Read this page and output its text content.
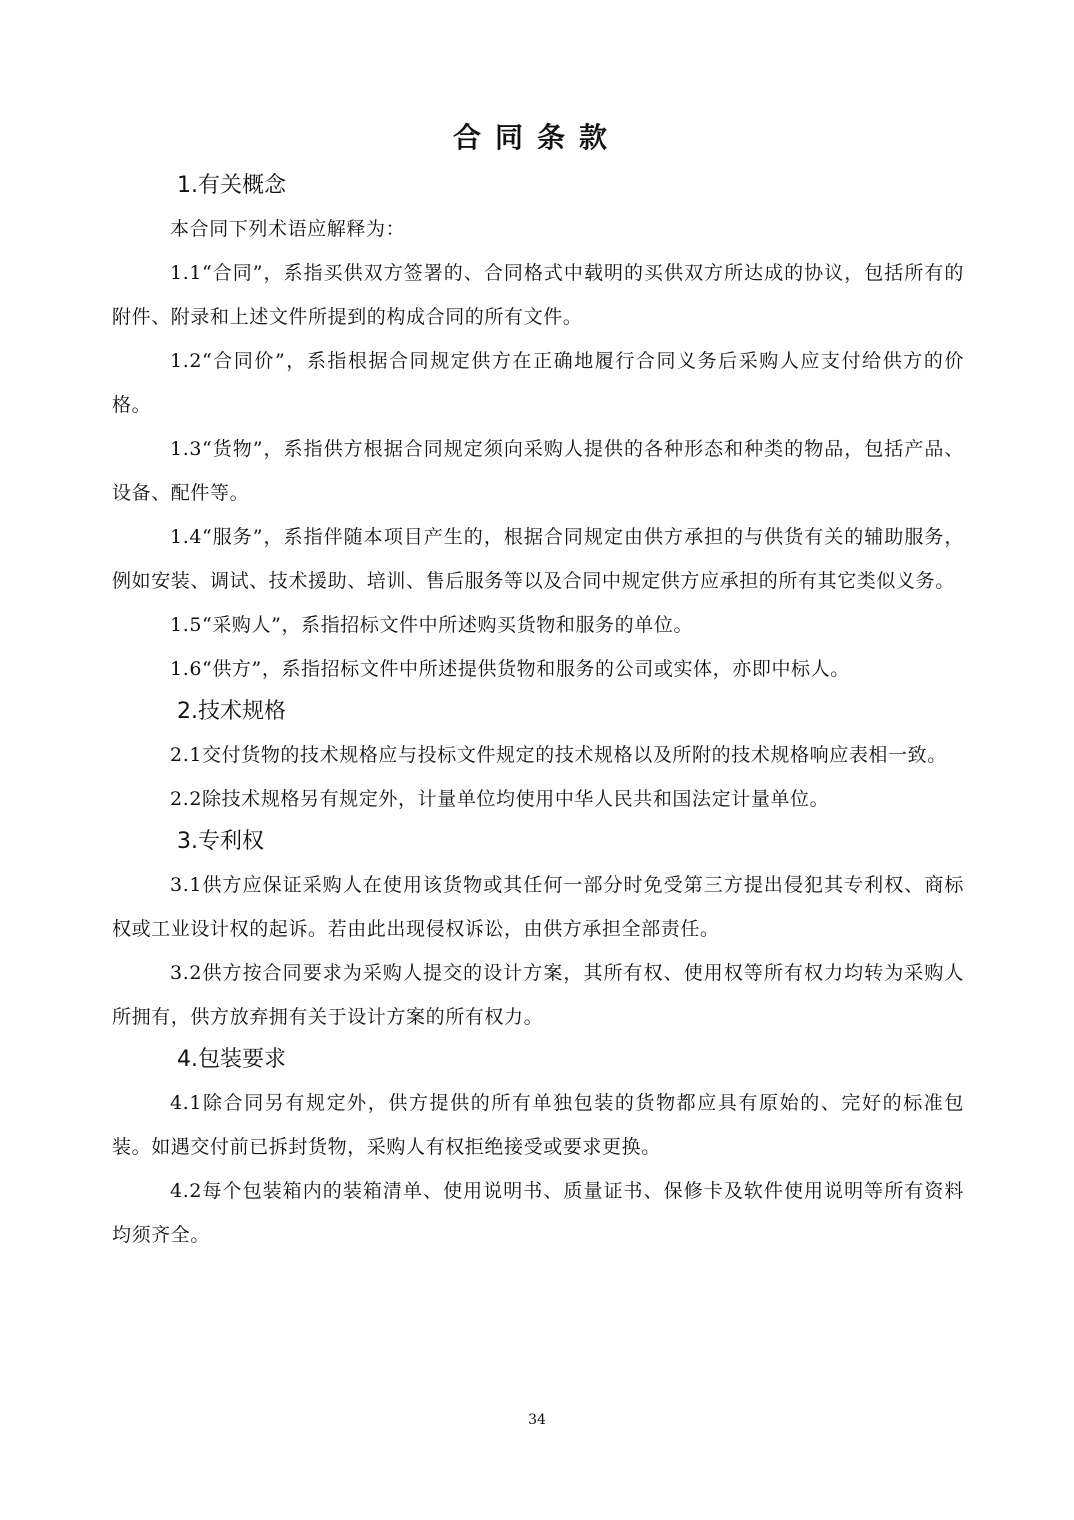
合同条款
1.有关概念

本合同下列术语应解释为：

1.1“合同”，系指买供双方签署的、合同格式中载明的买供双方所达成的协议，包括所有的附件、附录和上述文件所提到的构成合同的所有文件。

1.2“合同价”，系指根据合同规定供方在正确地履行合同义务后采购人应支付给供方的价格。

1.3“货物”，系指供方根据合同规定须向采购人提供的各种形态和种类的物品，包括产品、设备、配件等。

1.4“服务”，系指伴随本项目产生的，根据合同规定由供方承担的与供货有关的辅助服务，例如安装、调试、技术援助、培训、售后服务等以及合同中规定供方应承担的所有其它类似义务。

1.5“采购人”，系指招标文件中所述购买货物和服务的单位。

1.6“供方”，系指招标文件中所述提供货物和服务的公司或实体，亦即中标人。

2.技术规格

2.1交付货物的技术规格应与投标文件规定的技术规格以及所附的技术规格响应表相一致。

2.2除技术规格另有规定外，计量单位均使用中华人民共和国法定计量单位。

3.专利权

3.1供方应保证采购人在使用该货物或其任何一部分时免受第三方提出侵犯其专利权、商标权或工业设计权的起诉。若由此出现侵权诉讼，由供方承担全部责任。

3.2供方按合同要求为采购人提交的设计方案，其所有权、使用权等所有权力均转为采购人所拥有，供方放弃拥有关于设计方案的所有权力。

4.包装要求

4.1除合同另有规定外，供方提供的所有单独包装的货物都应具有原始的、完好的标准包装。如遇交付前已拆封货物，采购人有权拒绝接受或要求更换。

4.2每个包装箱内的装箱清单、使用说明书、质量证书、保修卡及软件使用说明等所有资料均须齐全。

34
